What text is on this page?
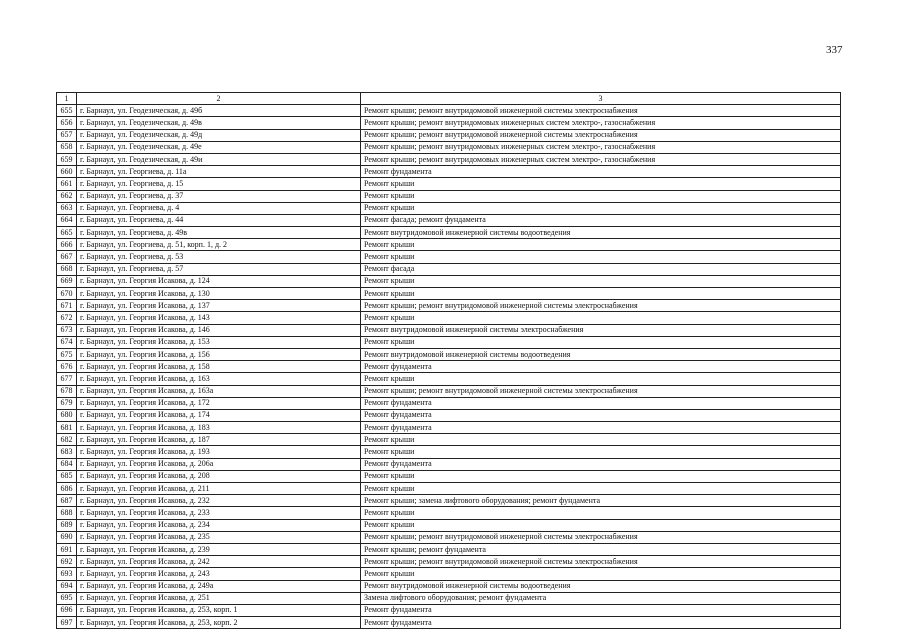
337
1	2	3
655	г. Барнаул, ул. Геодезическая, д. 49б	Ремонт крыши; ремонт внутридомовой инженерной системы электроснабжения
656	г. Барнаул, ул. Геодезическая, д. 49в	Ремонт крыши; ремонт внутридомовых инженерных систем электро-, газоснабжения
657	г. Барнаул, ул. Геодезическая, д. 49д	Ремонт крыши; ремонт внутридомовой инженерной системы электроснабжения
658	г. Барнаул, ул. Геодезическая, д. 49е	Ремонт крыши; ремонт внутридомовых инженерных систем электро-, газоснабжения
659	г. Барнаул, ул. Геодезическая, д. 49и	Ремонт крыши; ремонт внутридомовых инженерных систем электро-, газоснабжения
660	г. Барнаул, ул. Георгиева, д. 11а	Ремонт фундамента
661	г. Барнаул, ул. Георгиева, д. 15	Ремонт крыши
662	г. Барнаул, ул. Георгиева, д. 37	Ремонт крыши
663	г. Барнаул, ул. Георгиева, д. 4	Ремонт крыши
664	г. Барнаул, ул. Георгиева, д. 44	Ремонт фасада; ремонт фундамента
665	г. Барнаул, ул. Георгиева, д. 49в	Ремонт внутридомовой инженерной системы водоотведения
666	г. Барнаул, ул. Георгиева, д. 51, корп. 1, д. 2	Ремонт крыши
667	г. Барнаул, ул. Георгиева, д. 53	Ремонт крыши
668	г. Барнаул, ул. Георгиева, д. 57	Ремонт фасада
669	г. Барнаул, ул. Георгия Исакова, д. 124	Ремонт крыши
670	г. Барнаул, ул. Георгия Исакова, д. 130	Ремонт крыши
671	г. Барнаул, ул. Георгия Исакова, д. 137	Ремонт крыши; ремонт внутридомовой инженерной системы электроснабжения
672	г. Барнаул, ул. Георгия Исакова, д. 143	Ремонт крыши
673	г. Барнаул, ул. Георгия Исакова, д. 146	Ремонт внутридомовой инженерной системы электроснабжения
674	г. Барнаул, ул. Георгия Исакова, д. 153	Ремонт крыши
675	г. Барнаул, ул. Георгия Исакова, д. 156	Ремонт внутридомовой инженерной системы водоотведения
676	г. Барнаул, ул. Георгия Исакова, д. 158	Ремонт фундамента
677	г. Барнаул, ул. Георгия Исакова, д. 163	Ремонт крыши
678	г. Барнаул, ул. Георгия Исакова, д. 163а	Ремонт крыши; ремонт внутридомовой инженерной системы электроснабжения
679	г. Барнаул, ул. Георгия Исакова, д. 172	Ремонт фундамента
680	г. Барнаул, ул. Георгия Исакова, д. 174	Ремонт фундамента
681	г. Барнаул, ул. Георгия Исакова, д. 183	Ремонт фундамента
682	г. Барнаул, ул. Георгия Исакова, д. 187	Ремонт крыши
683	г. Барнаул, ул. Георгия Исакова, д. 193	Ремонт крыши
684	г. Барнаул, ул. Георгия Исакова, д. 206а	Ремонт фундамента
685	г. Барнаул, ул. Георгия Исакова, д. 208	Ремонт крыши
686	г. Барнаул, ул. Георгия Исакова, д. 211	Ремонт крыши
687	г. Барнаул, ул. Георгия Исакова, д. 232	Ремонт крыши; замена лифтового оборудования; ремонт фундамента
688	г. Барнаул, ул. Георгия Исакова, д. 233	Ремонт крыши
689	г. Барнаул, ул. Георгия Исакова, д. 234	Ремонт крыши
690	г. Барнаул, ул. Георгия Исакова, д. 235	Ремонт крыши; ремонт внутридомовой инженерной системы электроснабжения
691	г. Барнаул, ул. Георгия Исакова, д. 239	Ремонт крыши; ремонт фундамента
692	г. Барнаул, ул. Георгия Исакова, д. 242	Ремонт крыши; ремонт внутридомовой инженерной системы электроснабжения
693	г. Барнаул, ул. Георгия Исакова, д. 243	Ремонт крыши
694	г. Барнаул, ул. Георгия Исакова, д. 249а	Ремонт внутридомовой инженерной системы водоотведения
695	г. Барнаул, ул. Георгия Исакова, д. 251	Замена лифтового оборудования; ремонт фундамента
696	г. Барнаул, ул. Георгия Исакова, д. 253, корп. 1	Ремонт фундамента
697	г. Барнаул, ул. Георгия Исакова, д. 253, корп. 2	Ремонт фундамента
